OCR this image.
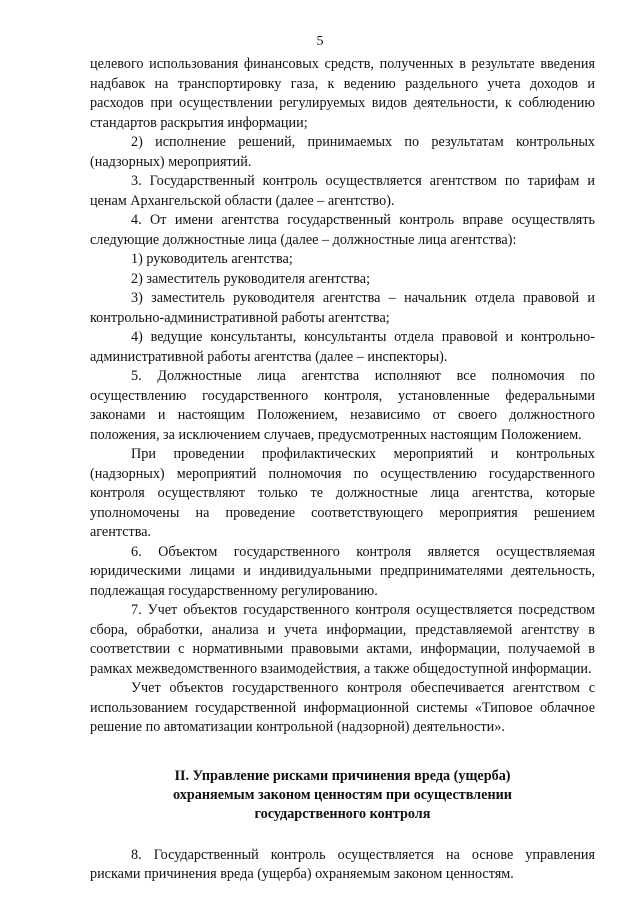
5

целевого использования финансовых средств, полученных в результате введения надбавок на транспортировку газа, к ведению раздельного учета доходов и расходов при осуществлении регулируемых видов деятельности, к соблюдению стандартов раскрытия информации;

2) исполнение решений, принимаемых по результатам контрольных (надзорных) мероприятий.

3. Государственный контроль осуществляется агентством по тарифам и ценам Архангельской области (далее – агентство).

4. От имени агентства государственный контроль вправе осуществлять следующие должностные лица (далее – должностные лица агентства):

1) руководитель агентства;

2) заместитель руководителя агентства;

3) заместитель руководителя агентства – начальник отдела правовой и контрольно-административной работы агентства;

4) ведущие консультанты, консультанты отдела правовой и контрольно-административной работы агентства (далее – инспекторы).

5. Должностные лица агентства исполняют все полномочия по осуществлению государственного контроля, установленные федеральными законами и настоящим Положением, независимо от своего должностного положения, за исключением случаев, предусмотренных настоящим Положением.

При проведении профилактических мероприятий и контрольных (надзорных) мероприятий полномочия по осуществлению государственного контроля осуществляют только те должностные лица агентства, которые уполномочены на проведение соответствующего мероприятия решением агентства.

6. Объектом государственного контроля является осуществляемая юридическими лицами и индивидуальными предпринимателями деятельность, подлежащая государственному регулированию.

7. Учет объектов государственного контроля осуществляется посредством сбора, обработки, анализа и учета информации, представляемой агентству в соответствии с нормативными правовыми актами, информации, получаемой в рамках межведомственного взаимодействия, а также общедоступной информации.

Учет объектов государственного контроля обеспечивается агентством с использованием государственной информационной системы «Типовое облачное решение по автоматизации контрольной (надзорной) деятельности».

II. Управление рисками причинения вреда (ущерба)
охраняемым законом ценностям при осуществлении
государственного контроля

8. Государственный контроль осуществляется на основе управления рисками причинения вреда (ущерба) охраняемым законом ценностям.
